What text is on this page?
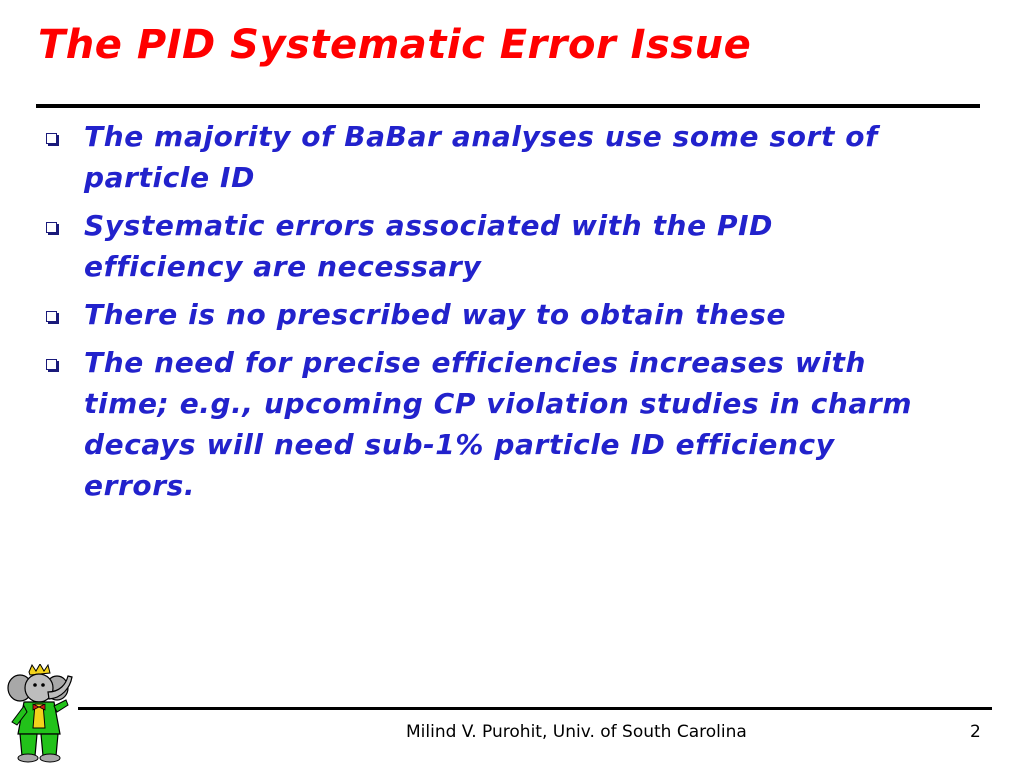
The PID Systematic Error Issue
The majority of BaBar analyses use some sort of particle ID
Systematic errors associated with the PID efficiency are necessary
There is no prescribed way to obtain these
The need for precise efficiencies increases with time; e.g., upcoming CP violation studies in charm decays will need sub-1% particle ID efficiency errors.
Milind V. Purohit, Univ. of South Carolina	2
